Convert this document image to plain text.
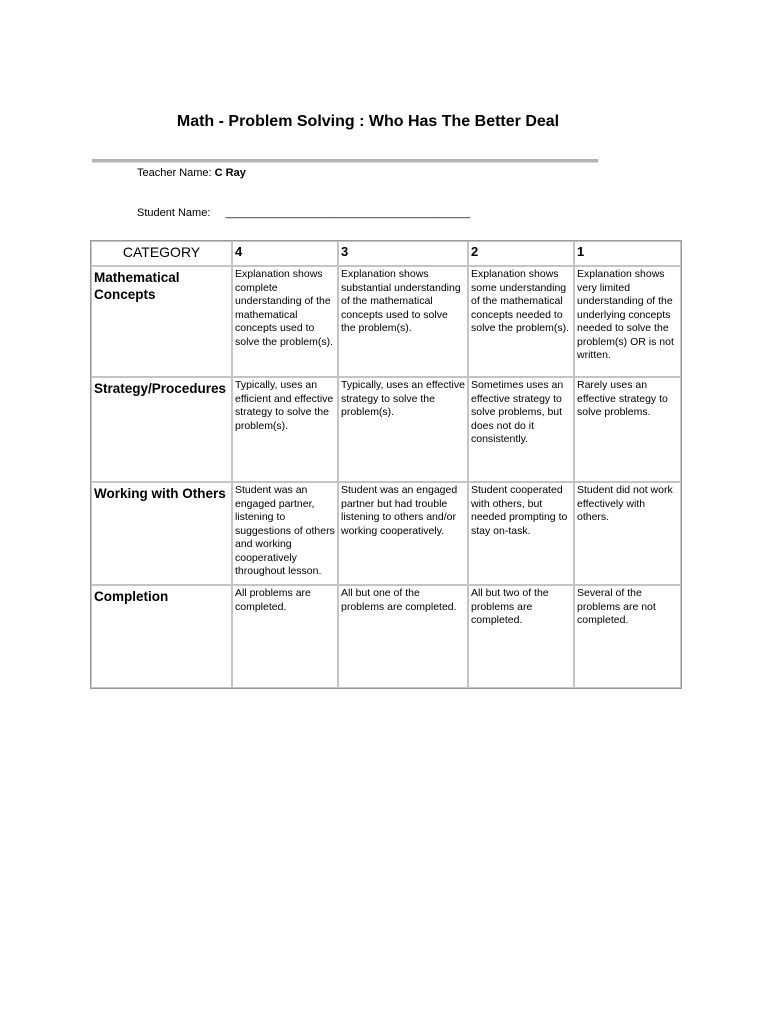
Math - Problem Solving : Who Has The Better Deal
Teacher Name: C Ray
Student Name: ________________________________________
CATEGORY	4	3	2	1
Mathematical Concepts	Explanation shows complete understanding of the mathematical concepts used to solve the problem(s).	Explanation shows substantial understanding of the mathematical concepts used to solve the problem(s).	Explanation shows some understanding of the mathematical concepts needed to solve the problem(s).	Explanation shows very limited understanding of the underlying concepts needed to solve the problem(s) OR is not written.
Strategy/Procedures	Typically, uses an efficient and effective strategy to solve the problem(s).	Typically, uses an effective strategy to solve the problem(s).	Sometimes uses an effective strategy to solve problems, but does not do it consistently.	Rarely uses an effective strategy to solve problems.
Working with Others	Student was an engaged partner, listening to suggestions of others and working cooperatively throughout lesson.	Student was an engaged partner but had trouble listening to others and/or working cooperatively.	Student cooperated with others, but needed prompting to stay on-task.	Student did not work effectively with others.
Completion	All problems are completed.	All but one of the problems are completed.	All but two of the problems are completed.	Several of the problems are not completed.
